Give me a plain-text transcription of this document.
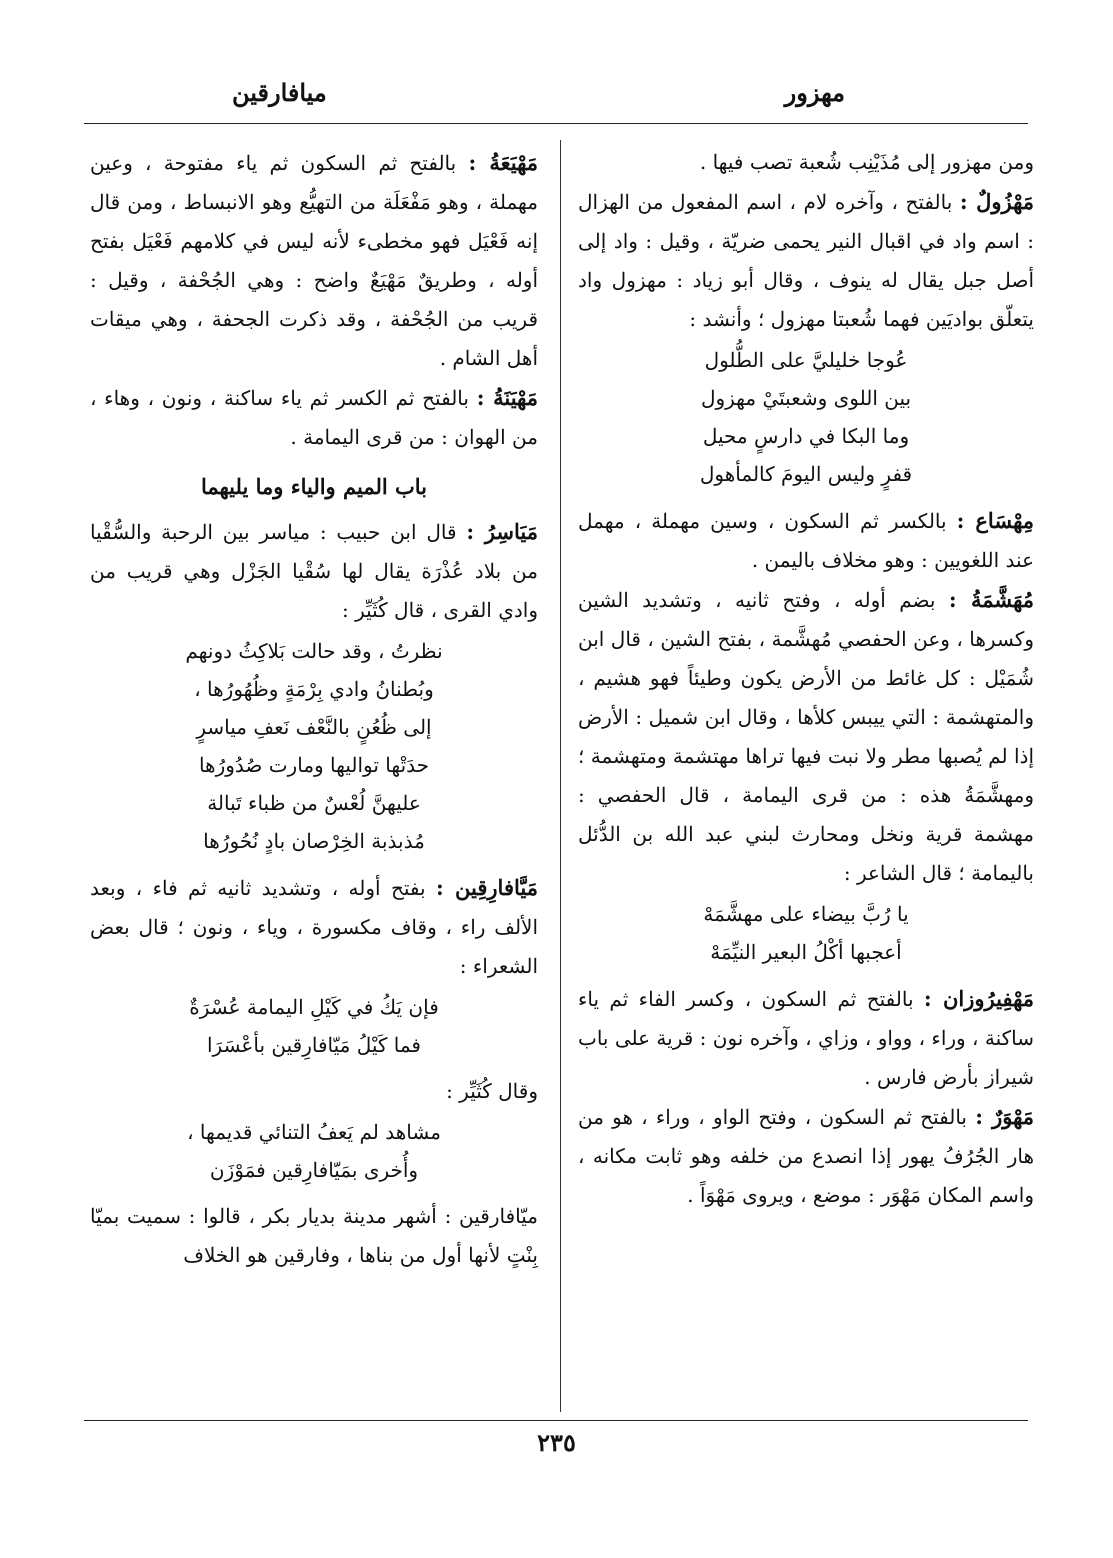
مهزور
ميافارقين

ومن مهزور إلى مُذَيْنِب شُعبة تصب فيها .

مَهْزُولٌ : بالفتح ، وآخره لام ، اسم المفعول من الهزال : اسم واد في اقبال النير يحمى ضريّة ، وقيل : واد إلى أصل جبل يقال له ينوف ، وقال أبو زياد : مهزول واد يتعلّق بواديَين فهما شُعبتا مهزول ؛ وأنشد :

عُوجا خليليَّ على الطُّلول
بين اللوى وشعبتَيْ مهزول
وما البكا في دارسٍ محيل
قفرٍ وليس اليومَ كالمأهول

مِهْسَاع : بالكسر ثم السكون ، وسين مهملة ، مهمل عند اللغويين : وهو مخلاف باليمن .

مُهَشَّمَةُ : بضم أوله ، وفتح ثانيه ، وتشديد الشين وكسرها ، وعن الحفصي مُهشَّمة ، بفتح الشين ، قال ابن شُمَيْل : كل غائط من الأرض يكون وطيئاً فهو هشيم ، والمتهشمة : التي ييبس كلأها ، وقال ابن شميل : الأرض إذا لم يُصبها مطر ولا نبت فيها تراها مهتشمة ومتهشمة ؛ ومهشَّمَةُ هذه : من قرى اليمامة ، قال الحفصي : مهشمة قرية ونخل ومحارث لبني عبد الله بن الدُّئل باليمامة ؛ قال الشاعر :

يا رُبَّ بيضاء على مهشَّمَهْ
أعجبها أكْلُ البعير النيِّمَهْ

مَهْفِيرُوزان : بالفتح ثم السكون ، وكسر الفاء ثم ياء ساكنة ، وراء ، وواو ، وزاي ، وآخره نون : قرية على باب شيراز بأرض فارس .

مَهْوَرٌ : بالفتح ثم السكون ، وفتح الواو ، وراء ، هو من هار الجُرُفُ يهور إذا انصدع من خلفه وهو ثابت مكانه ، واسم المكان مَهْوَر : موضع ، ويروى مَهْوَاً .

مَهْيَعَةُ : بالفتح ثم السكون ثم ياء مفتوحة ، وعين مهملة ، وهو مَفْعَلَة من التهيُّع وهو الانبساط ، ومن قال إنه فَعْيَل فهو مخطىء لأنه ليس في كلامهم فَعْيَل بفتح أوله ، وطريقٌ مَهْيَعٌ واضح : وهي الجُحْفة ، وقيل : قريب من الجُحْفة ، وقد ذكرت الجحفة ، وهي ميقات أهل الشام .

مَهْيَنَةُ : بالفتح ثم الكسر ثم ياء ساكنة ، ونون ، وهاء ، من الهوان : من قرى اليمامة .

باب الميم والياء وما يليهما

مَيَاسِرُ : قال ابن حبيب : مياسر بين الرحبة والسُّقْيا من بلاد عُذْرَة يقال لها سُقْيا الجَزْل وهي قريب من وادي القرى ، قال كُثَيِّر :

نظرتُ ، وقد حالت بَلاكِثُ دونهم
وبُطنانُ وادي بِرْمَةٍ وظُهُورُها ،
إلى ظُعُنٍ بالنَّعْف نَعفِ مياسرٍ
حدَتْها تواليها ومارت صُدُورُها
عليهنَّ لُعْسٌ من ظباء تَبالة
مُذبذبة الخِرْصان بادٍ نُحُورُها

مَيَّافارِقِين : بفتح أوله ، وتشديد ثانيه ثم فاء ، وبعد الألف راء ، وقاف مكسورة ، وياء ، ونون ؛ قال بعض الشعراء :

فإن يَكُ في كَيْلِ اليمامة عُسْرَةٌ
فما كَيْلُ مَيّافارِقين بأعْسَرَا

وقال كُثَيِّر :

مشاهد لم يَعفُ التنائي قديمها ،
وأُخرى بمَيّافارِقين فمَوْزَن

ميّافارقين : أشهر مدينة بديار بكر ، قالوا : سميت بميّا بِنْتٍ لأنها أول من بناها ، وفارقين هو الخلاف

٢٣٥
